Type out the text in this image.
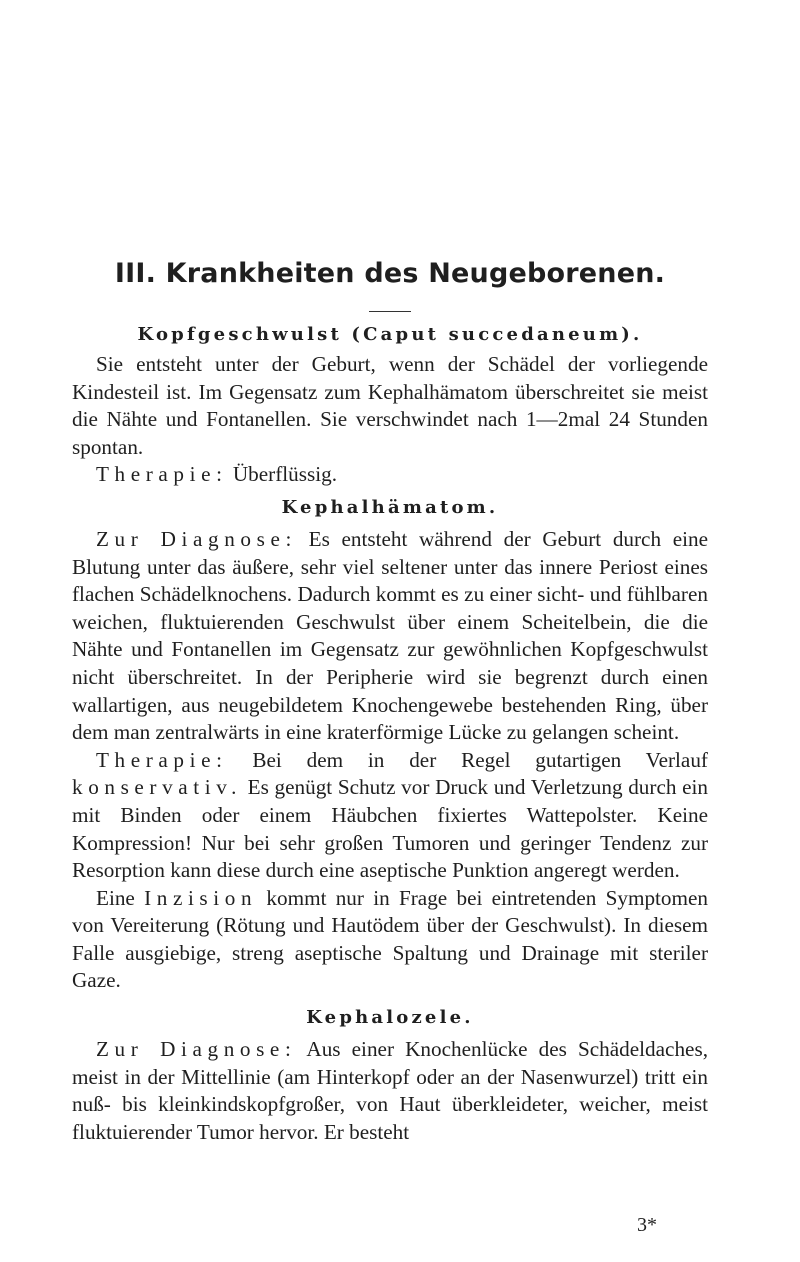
III. Krankheiten des Neugeborenen.
Kopfgeschwulst (Caput succedaneum).

Sie entsteht unter der Geburt, wenn der Schädel der vorliegende Kindesteil ist. Im Gegensatz zum Kephalhämatom überschreitet sie meist die Nähte und Fontanellen. Sie verschwindet nach 1—2mal 24 Stunden spontan.

Therapie: Überflüssig.

Kephalhämatom.

Zur Diagnose: Es entsteht während der Geburt durch eine Blutung unter das äußere, sehr viel seltener unter das innere Periost eines flachen Schädelknochens. Dadurch kommt es zu einer sicht- und fühlbaren weichen, fluktuierenden Geschwulst über einem Scheitelbein, die die Nähte und Fontanellen im Gegensatz zur gewöhnlichen Kopfgeschwulst nicht überschreitet. In der Peripherie wird sie begrenzt durch einen wallartigen, aus neugebildetem Knochengewebe bestehenden Ring, über dem man zentralwärts in eine kraterförmige Lücke zu gelangen scheint.

Therapie: Bei dem in der Regel gutartigen Verlauf konservativ. Es genügt Schutz vor Druck und Verletzung durch ein mit Binden oder einem Häubchen fixiertes Wattepolster. Keine Kompression! Nur bei sehr großen Tumoren und geringer Tendenz zur Resorption kann diese durch eine aseptische Punktion angeregt werden.

Eine Inzision kommt nur in Frage bei eintretenden Symptomen von Vereiterung (Rötung und Hautödem über der Geschwulst). In diesem Falle ausgiebige, streng aseptische Spaltung und Drainage mit steriler Gaze.

Kephalozele.

Zur Diagnose: Aus einer Knochenlücke des Schädeldaches, meist in der Mittellinie (am Hinterkopf oder an der Nasenwurzel) tritt ein nuß- bis kleinkindskopfgroßer, von Haut überkleideter, weicher, meist fluktuierender Tumor hervor. Er besteht

3*
